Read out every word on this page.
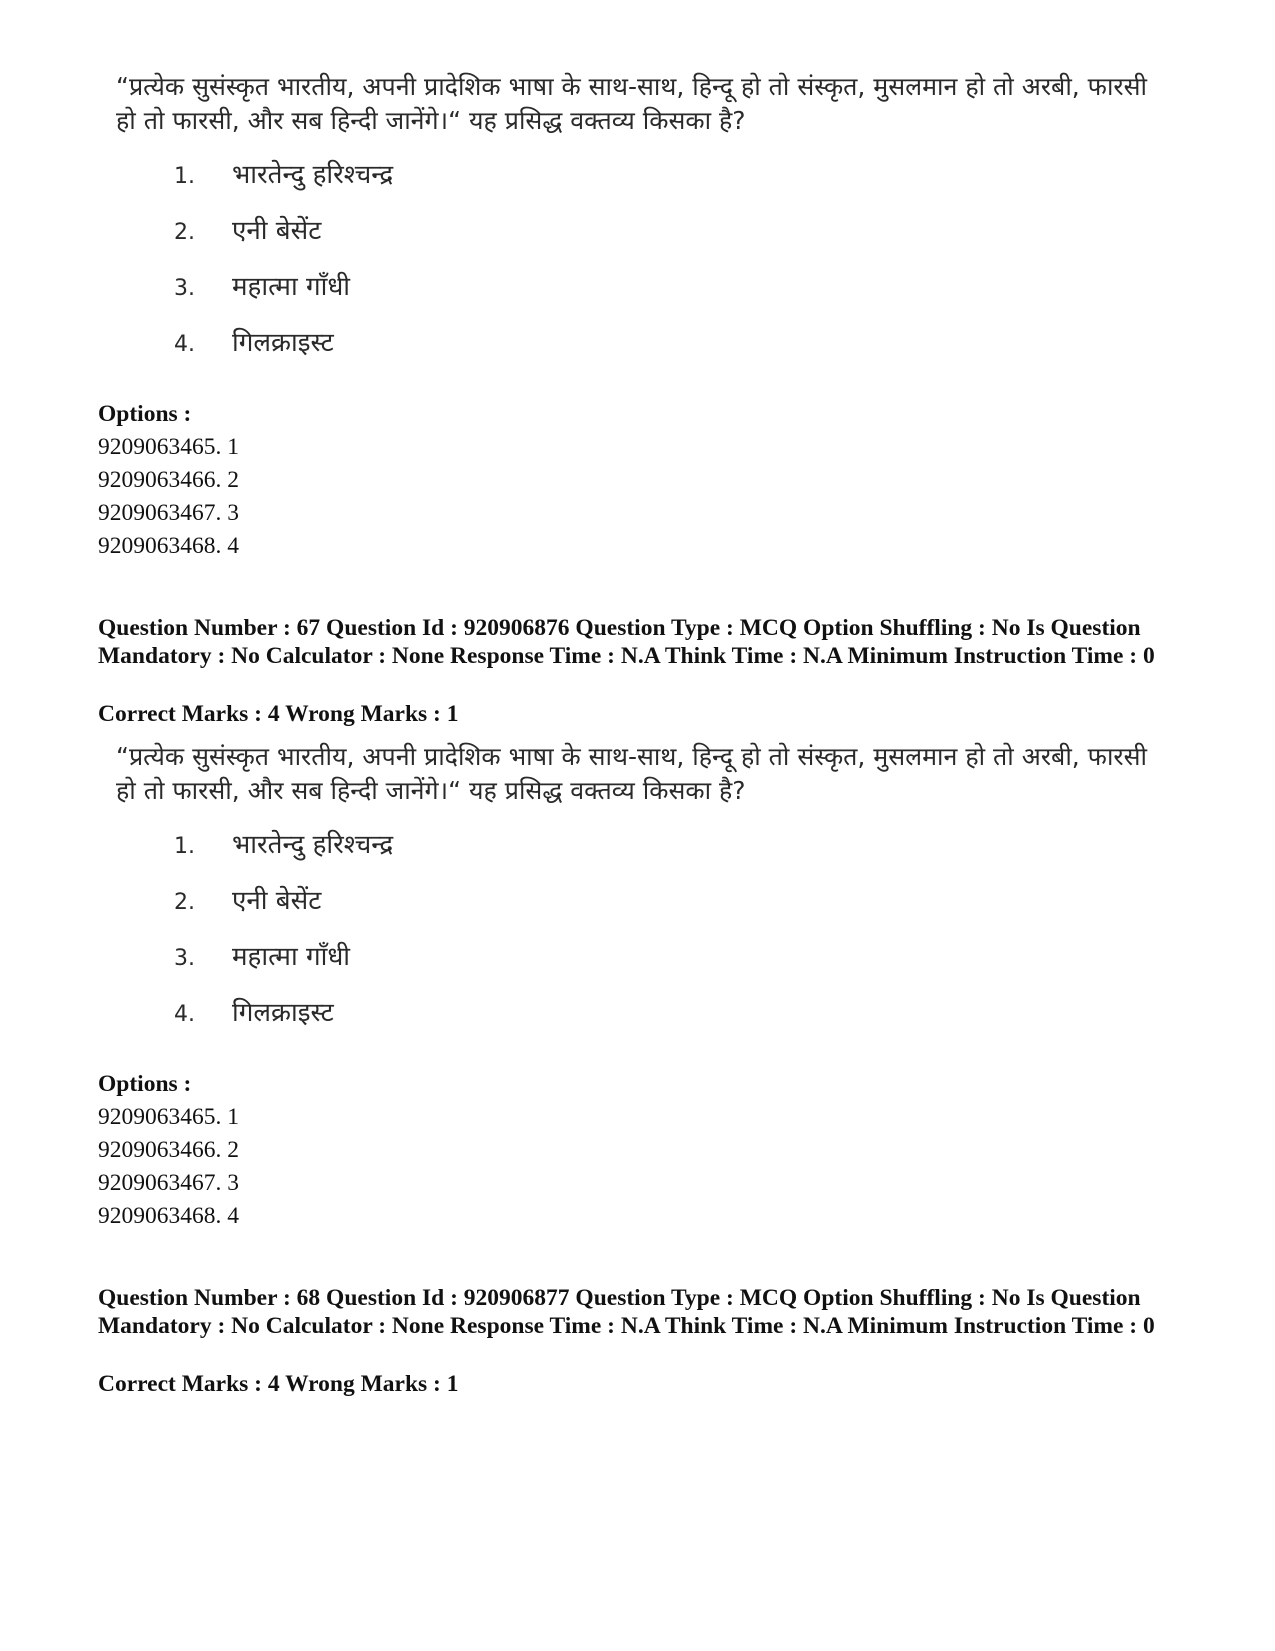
“प्रत्येक सुसंस्कृत भारतीय, अपनी प्रादेशिक भाषा के साथ-साथ, हिन्दू हो तो संस्कृत, मुसलमान हो तो अरबी, फारसी हो तो फारसी, और सब हिन्दी जानेंगे।“ यह प्रसिद्ध वक्तव्य किसका है?

1. भारतेन्दु हरिश्चन्द्र
2. एनी बेसेंट
3. महात्मा गाँधी
4. गिलक्राइस्ट
Options :
9209063465. 1
9209063466. 2
9209063467. 3
9209063468. 4
Question Number : 67 Question Id : 920906876 Question Type : MCQ Option Shuffling : No Is Question Mandatory : No Calculator : None Response Time : N.A Think Time : N.A Minimum Instruction Time : 0
Correct Marks : 4 Wrong Marks : 1

“प्रत्येक सुसंस्कृत भारतीय, अपनी प्रादेशिक भाषा के साथ-साथ, हिन्दू हो तो संस्कृत, मुसलमान हो तो अरबी, फारसी हो तो फारसी, और सब हिन्दी जानेंगे।“ यह प्रसिद्ध वक्तव्य किसका है?

1. भारतेन्दु हरिश्चन्द्र
2. एनी बेसेंट
3. महात्मा गाँधी
4. गिलक्राइस्ट
Options :
9209063465. 1
9209063466. 2
9209063467. 3
9209063468. 4
Question Number : 68 Question Id : 920906877 Question Type : MCQ Option Shuffling : No Is Question Mandatory : No Calculator : None Response Time : N.A Think Time : N.A Minimum Instruction Time : 0
Correct Marks : 4 Wrong Marks : 1
